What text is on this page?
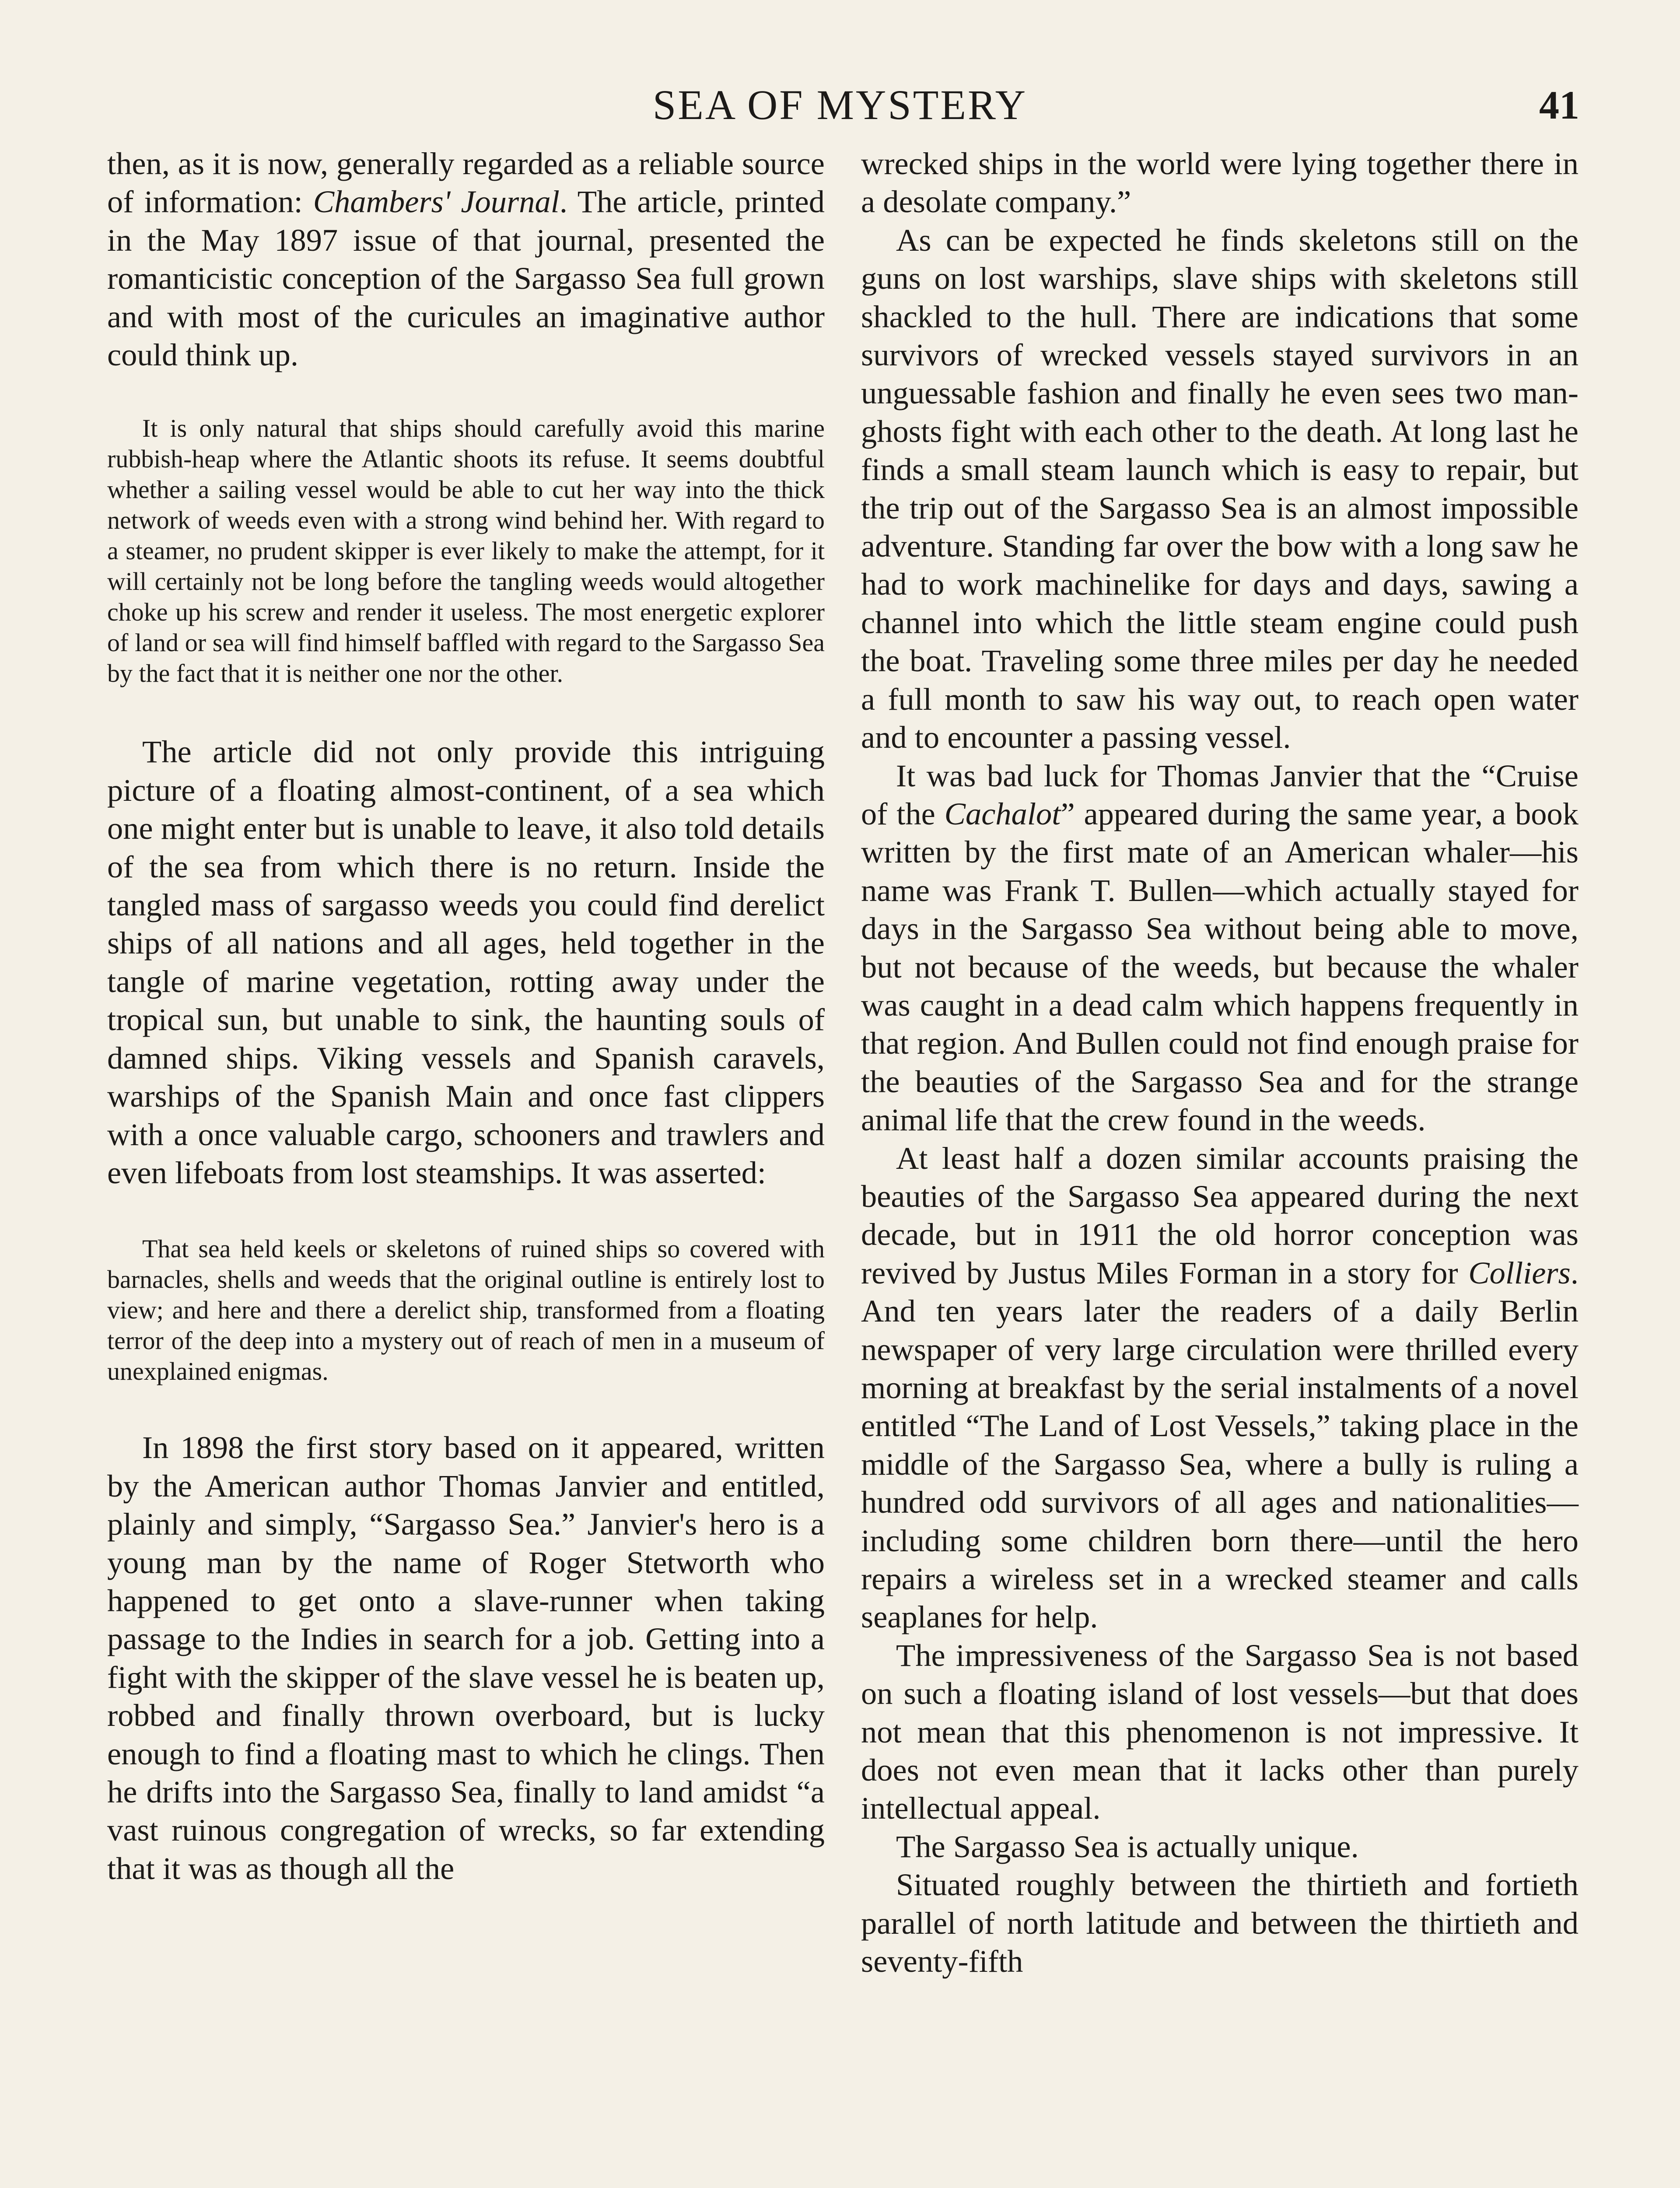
SEA OF MYSTERY	41

then, as it is now, generally regarded as a reliable source of information: Chambers' Journal. The article, printed in the May 1897 issue of that journal, presented the romanticistic conception of the Sargasso Sea full grown and with most of the curicules an imaginative author could think up.

It is only natural that ships should carefully avoid this marine rubbish-heap where the Atlantic shoots its refuse. It seems doubtful whether a sailing vessel would be able to cut her way into the thick network of weeds even with a strong wind behind her. With regard to a steamer, no prudent skipper is ever likely to make the attempt, for it will certainly not be long before the tangling weeds would altogether choke up his screw and render it useless. The most energetic explorer of land or sea will find himself baffled with regard to the Sargasso Sea by the fact that it is neither one nor the other.

The article did not only provide this intriguing picture of a floating almost-continent, of a sea which one might enter but is unable to leave, it also told details of the sea from which there is no return. Inside the tangled mass of sargasso weeds you could find derelict ships of all nations and all ages, held together in the tangle of marine vegetation, rotting away under the tropical sun, but unable to sink, the haunting souls of damned ships. Viking vessels and Spanish caravels, warships of the Spanish Main and once fast clippers with a once valuable cargo, schooners and trawlers and even lifeboats from lost steamships. It was asserted:

That sea held keels or skeletons of ruined ships so covered with barnacles, shells and weeds that the original outline is entirely lost to view; and here and there a derelict ship, transformed from a floating terror of the deep into a mystery out of reach of men in a museum of unexplained enigmas.

In 1898 the first story based on it appeared, written by the American author Thomas Janvier and entitled, plainly and simply, “Sargasso Sea.” Janvier's hero is a young man by the name of Roger Stetworth who happened to get onto a slave-runner when taking passage to the Indies in search for a job. Getting into a fight with the skipper of the slave vessel he is beaten up, robbed and finally thrown overboard, but is lucky enough to find a floating mast to which he clings. Then he drifts into the Sargasso Sea, finally to land amidst “a vast ruinous congregation of wrecks, so far extending that it was as though all the

wrecked ships in the world were lying together there in a desolate company.”

As can be expected he finds skeletons still on the guns on lost warships, slave ships with skeletons still shackled to the hull. There are indications that some survivors of wrecked vessels stayed survivors in an unguessable fashion and finally he even sees two man-ghosts fight with each other to the death. At long last he finds a small steam launch which is easy to repair, but the trip out of the Sargasso Sea is an almost impossible adventure. Standing far over the bow with a long saw he had to work machinelike for days and days, sawing a channel into which the little steam engine could push the boat. Traveling some three miles per day he needed a full month to saw his way out, to reach open water and to encounter a passing vessel.

It was bad luck for Thomas Janvier that the “Cruise of the Cachalot” appeared during the same year, a book written by the first mate of an American whaler—his name was Frank T. Bullen—which actually stayed for days in the Sargasso Sea without being able to move, but not because of the weeds, but because the whaler was caught in a dead calm which happens frequently in that region. And Bullen could not find enough praise for the beauties of the Sargasso Sea and for the strange animal life that the crew found in the weeds.

At least half a dozen similar accounts praising the beauties of the Sargasso Sea appeared during the next decade, but in 1911 the old horror conception was revived by Justus Miles Forman in a story for Colliers. And ten years later the readers of a daily Berlin newspaper of very large circulation were thrilled every morning at breakfast by the serial instalments of a novel entitled “The Land of Lost Vessels,” taking place in the middle of the Sargasso Sea, where a bully is ruling a hundred odd survivors of all ages and nationalities—including some children born there—until the hero repairs a wireless set in a wrecked steamer and calls seaplanes for help.

The impressiveness of the Sargasso Sea is not based on such a floating island of lost vessels—but that does not mean that this phenomenon is not impressive. It does not even mean that it lacks other than purely intellectual appeal.

The Sargasso Sea is actually unique.

Situated roughly between the thirtieth and fortieth parallel of north latitude and between the thirtieth and seventy-fifth
